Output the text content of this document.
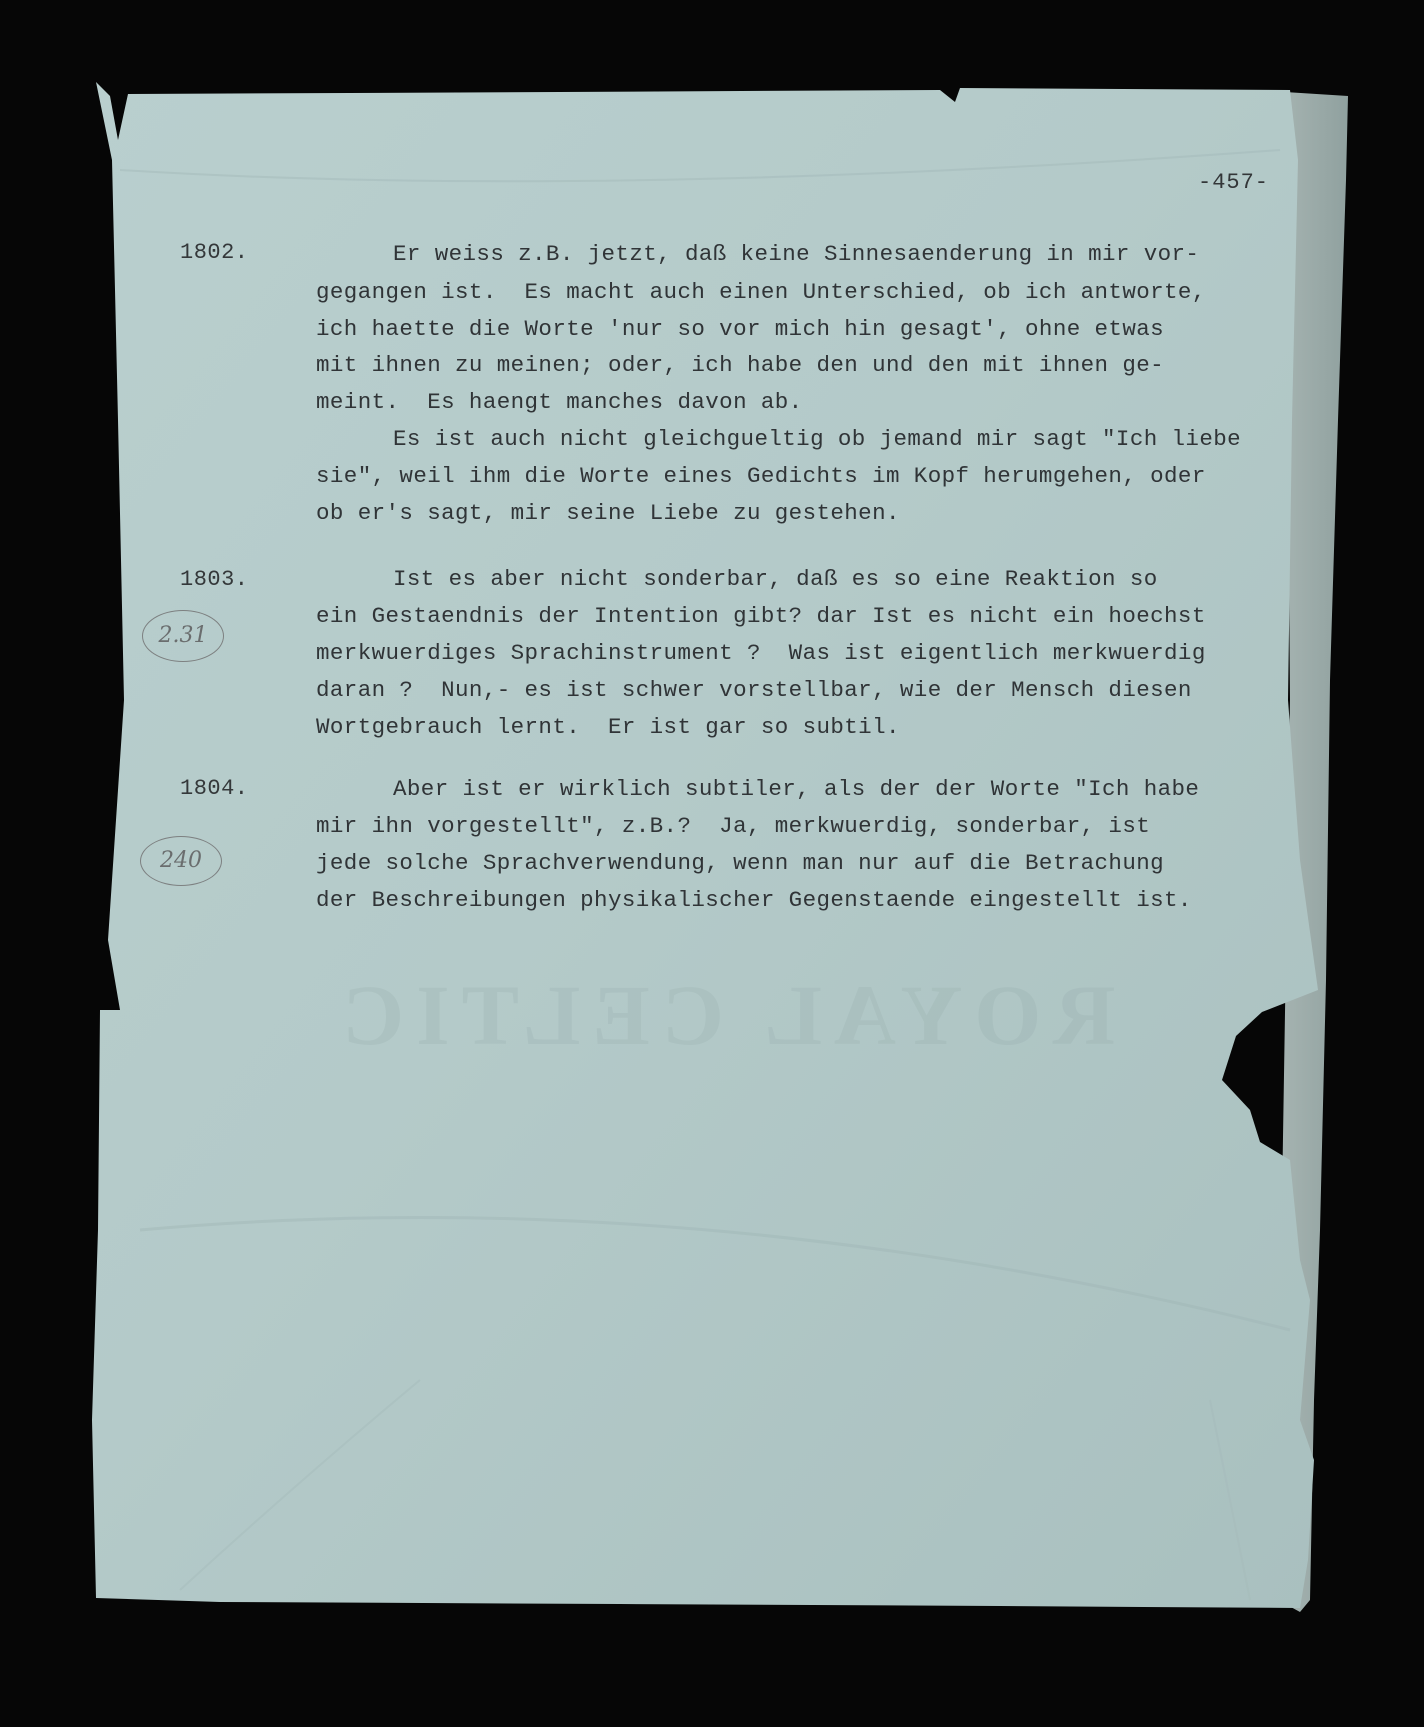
ROYAL CELTIC
-457-
1802.	Er weiss z.B. jetzt, daß keine Sinnesaenderung in mir vor-
gegangen ist.  Es macht auch einen Unterschied, ob ich antworte,
ich haette die Worte 'nur so vor mich hin gesagt', ohne etwas
mit ihnen zu meinen; oder, ich habe den und den mit ihnen ge-
meint.  Es haengt manches davon ab.
Es ist auch nicht gleichgueltig ob jemand mir sagt "Ich liebe
sie", weil ihm die Worte eines Gedichts im Kopf herumgehen, oder
ob er's sagt, mir seine Liebe zu gestehen.
1803.
2.31
Ist es aber nicht sonderbar, daß es so eine Reaktion so
ein Gestaendnis der Intention gibt? dar Ist es nicht ein hoechst
merkwuerdiges Sprachinstrument ?  Was ist eigentlich merkwuerdig
daran ?  Nun,- es ist schwer vorstellbar, wie der Mensch diesen
Wortgebrauch lernt.  Er ist gar so subtil.
1804.
240
Aber ist er wirklich subtiler, als der der Worte "Ich habe
mir ihn vorgestellt", z.B.?  Ja, merkwuerdig, sonderbar, ist
jede solche Sprachverwendung, wenn man nur auf die Betrachung
der Beschreibungen physikalischer Gegenstaende eingestellt ist.
